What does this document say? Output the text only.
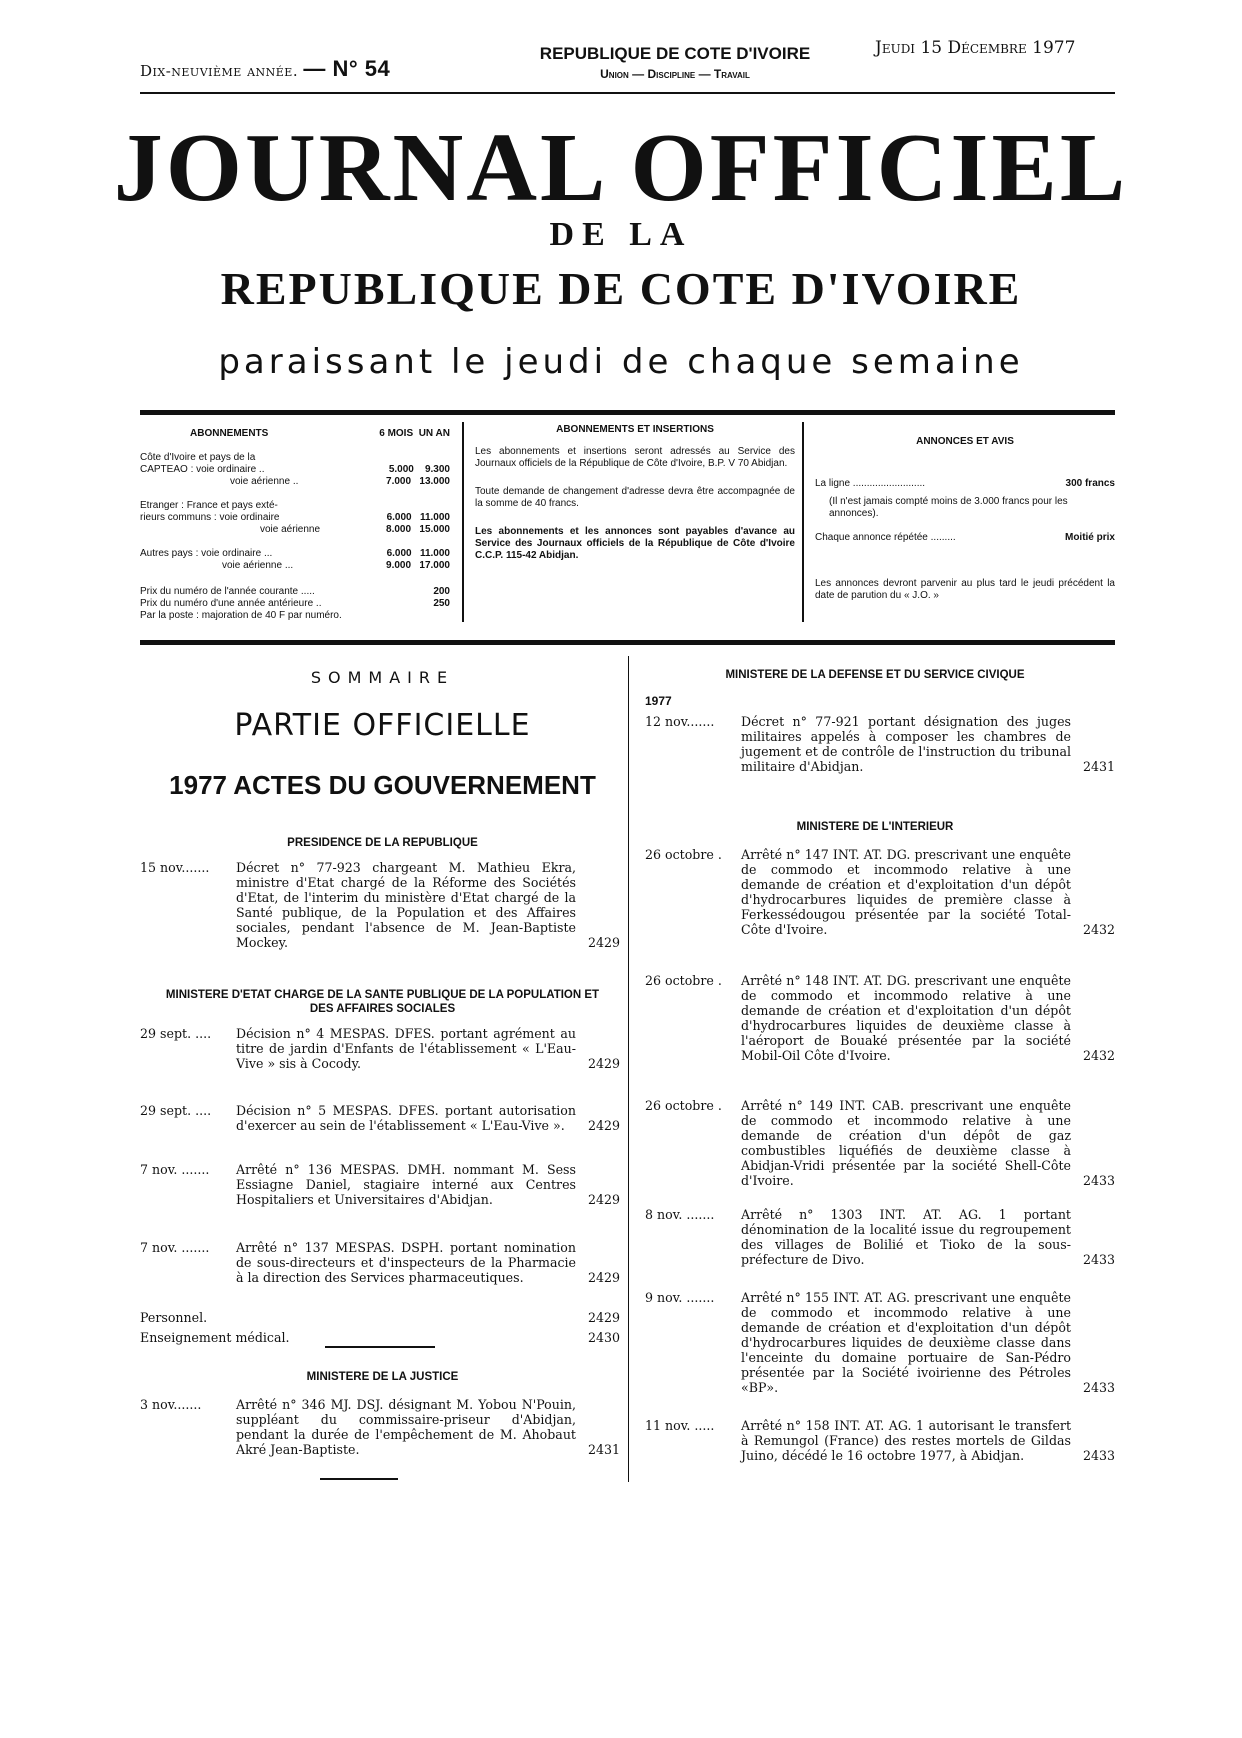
Dix-neuvième année. — N° 54
REPUBLIQUE DE COTE D'IVOIRE
Union — Discipline — Travail
Jeudi 15 Décembre 1977
JOURNAL OFFICIEL
DE LA
REPUBLIQUE DE COTE D'IVOIRE
paraissant le jeudi de chaque semaine
ABONNEMENTS	6 MOIS UN AN
Côte d'Ivoire et pays de la
CAPTEAO : voie ordinaire ..	5.000 9.300
voie aérienne ..	7.000 13.000
Etranger : France et pays exté-
rieurs communs : voie ordinaire	6.000 11.000
voie aérienne	8.000 15.000
Autres pays : voie ordinaire ...	6.000 11.000
voie aérienne ...	9.000 17.000
Prix du numéro de l'année courante .....	200
Prix du numéro d'une année antérieure ..	250
Par la poste : majoration de 40 F par numéro.
ABONNEMENTS ET INSERTIONS
Les abonnements et insertions seront adressés au Service des Journaux officiels de la République de Côte d'Ivoire, B.P. V 70 Abidjan.
Toute demande de changement d'adresse devra être accompagnée de la somme de 40 francs.
Les abonnements et les annonces sont payables d'avance au Service des Journaux officiels de la République de Côte d'Ivoire C.C.P. 115-42 Abidjan.
ANNONCES ET AVIS
La ligne ..........................	300 francs
(Il n'est jamais compté moins de 3.000 francs pour les annonces).
Chaque annonce répétée .........	Moitié prix
Les annonces devront parvenir au plus tard le jeudi précédent la date de parution du « J.O. »
SOMMAIRE
PARTIE OFFICIELLE
1977 ACTES DU GOUVERNEMENT
PRESIDENCE DE LA REPUBLIQUE
15 nov.......	Décret n° 77-923 chargeant M. Mathieu Ekra, ministre d'Etat chargé de la Réforme des Sociétés d'Etat, de l'interim du ministère d'Etat chargé de la Santé publique, de la Population et des Affaires sociales, pendant l'absence de M. Jean-Baptiste Mockey.	2429
MINISTERE D'ETAT CHARGE DE LA SANTE PUBLIQUE DE LA POPULATION ET DES AFFAIRES SOCIALES
29 sept. ....	Décision n° 4 MESPAS. DFES. portant agrément au titre de jardin d'Enfants de l'établissement « L'Eau-Vive » sis à Cocody.	2429
29 sept. ....	Décision n° 5 MESPAS. DFES. portant autorisation d'exercer au sein de l'établissement « L'Eau-Vive ».	2429
7 nov. .......	Arrêté n° 136 MESPAS. DMH. nommant M. Sess Essiagne Daniel, stagiaire interné aux Centres Hospitaliers et Universitaires d'Abidjan.	2429
7 nov. .......	Arrêté n° 137 MESPAS. DSPH. portant nomination de sous-directeurs et d'inspecteurs de la Pharmacie à la direction des Services pharmaceutiques.	2429
Personnel.	2429
Enseignement médical.	2430
MINISTERE DE LA JUSTICE
3 nov.......	Arrêté n° 346 MJ. DSJ. désignant M. Yobou N'Pouin, suppléant du commissaire-priseur d'Abidjan, pendant la durée de l'empêchement de M. Ahobaut Akré Jean-Baptiste.	2431
MINISTERE DE LA DEFENSE ET DU SERVICE CIVIQUE
1977
12 nov.......	Décret n° 77-921 portant désignation des juges militaires appelés à composer les chambres de jugement et de contrôle de l'instruction du tribunal militaire d'Abidjan.	2431
MINISTERE DE L'INTERIEUR
26 octobre .	Arrêté n° 147 INT. AT. DG. prescrivant une enquête de commodo et incommodo relative à une demande de création et d'exploitation d'un dépôt d'hydrocarbures liquides de première classe à Ferkessédougou présentée par la société Total-Côte d'Ivoire.	2432
26 octobre .	Arrêté n° 148 INT. AT. DG. prescrivant une enquête de commodo et incommodo relative à une demande de création et d'exploitation d'un dépôt d'hydrocarbures liquides de deuxième classe à l'aéroport de Bouaké présentée par la société Mobil-Oil Côte d'Ivoire.	2432
26 octobre .	Arrêté n° 149 INT. CAB. prescrivant une enquête de commodo et incommodo relative à une demande de création d'un dépôt de gaz combustibles liquéfiés de deuxième classe à Abidjan-Vridi présentée par la société Shell-Côte d'Ivoire.	2433
8 nov. .......	Arrêté n° 1303 INT. AT. AG. 1 portant dénomination de la localité issue du regroupement des villages de Bolilié et Tioko de la sous-préfecture de Divo.	2433
9 nov. .......	Arrêté n° 155 INT. AT. AG. prescrivant une enquête de commodo et incommodo relative à une demande de création et d'exploitation d'un dépôt d'hydrocarbures liquides de deuxième classe dans l'enceinte du domaine portuaire de San-Pédro présentée par la Société ivoirienne des Pétroles «BP».	2433
11 nov. .....	Arrêté n° 158 INT. AT. AG. 1 autorisant le transfert à Remungol (France) des restes mortels de Gildas Juino, décédé le 16 octobre 1977, à Abidjan.	2433
